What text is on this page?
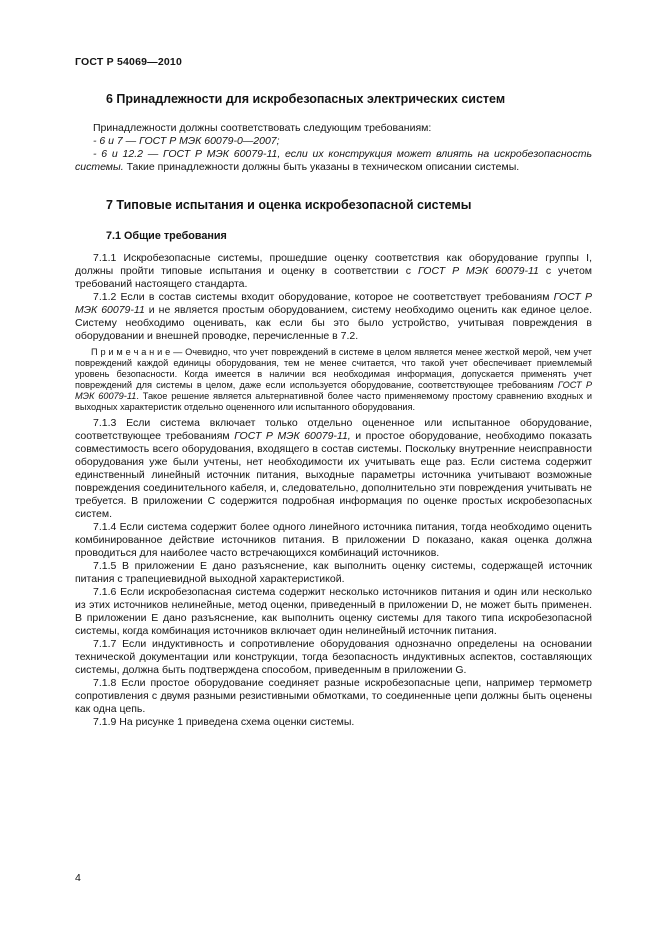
ГОСТ Р 54069—2010
6 Принадлежности для искробезопасных электрических систем

Принадлежности должны соответствовать следующим требованиям:

- 6 и 7 — ГОСТ Р МЭК 60079-0—2007;

- 6 и 12.2 — ГОСТ Р МЭК 60079-11, если их конструкция может влиять на искробезопасность системы. Такие принадлежности должны быть указаны в техническом описании системы.

7 Типовые испытания и оценка искробезопасной системы
7.1 Общие требования

7.1.1 Искробезопасные системы, прошедшие оценку соответствия как оборудование группы I, должны пройти типовые испытания и оценку в соответствии с ГОСТ Р МЭК 60079-11 с учетом требований настоящего стандарта.

7.1.2 Если в состав системы входит оборудование, которое не соответствует требованиям ГОСТ Р МЭК 60079-11 и не является простым оборудованием, систему необходимо оценить как единое целое. Систему необходимо оценивать, как если бы это было устройство, учитывая повреждения в оборудовании и внешней проводке, перечисленные в 7.2.

П р и м е ч а н и е — Очевидно, что учет повреждений в системе в целом является менее жесткой мерой, чем учет повреждений каждой единицы оборудования, тем не менее считается, что такой учет обеспечивает приемлемый уровень безопасности. Когда имеется в наличии вся необходимая информация, допускается применять учет повреждений для системы в целом, даже если используется оборудование, соответствующее требованиям ГОСТ Р МЭК 60079-11. Такое решение является альтернативной более часто применяемому простому сравнению входных и выходных характеристик отдельно оцененного или испытанного оборудования.

7.1.3 Если система включает только отдельно оцененное или испытанное оборудование, соответствующее требованиям ГОСТ Р МЭК 60079-11, и простое оборудование, необходимо показать совместимость всего оборудования, входящего в состав системы. Поскольку внутренние неисправности оборудования уже были учтены, нет необходимости их учитывать еще раз. Если система содержит единственный линейный источник питания, выходные параметры источника учитывают возможные повреждения соединительного кабеля, и, следовательно, дополнительно эти повреждения учитывать не требуется. В приложении C содержится подробная информация по оценке простых искробезопасных систем.

7.1.4 Если система содержит более одного линейного источника питания, тогда необходимо оценить комбинированное действие источников питания. В приложении D показано, какая оценка должна проводиться для наиболее часто встречающихся комбинаций источников.

7.1.5 В приложении E дано разъяснение, как выполнить оценку системы, содержащей источник питания с трапециевидной выходной характеристикой.

7.1.6 Если искробезопасная система содержит несколько источников питания и один или несколько из этих источников нелинейные, метод оценки, приведенный в приложении D, не может быть применен. В приложении E дано разъяснение, как выполнить оценку системы для такого типа искробезопасной системы, когда комбинация источников включает один нелинейный источник питания.

7.1.7 Если индуктивность и сопротивление оборудования однозначно определены на основании технической документации или конструкции, тогда безопасность индуктивных аспектов, составляющих системы, должна быть подтверждена способом, приведенным в приложении G.

7.1.8 Если простое оборудование соединяет разные искробезопасные цепи, например термометр сопротивления с двумя разными резистивными обмотками, то соединенные цепи должны быть оценены как одна цепь.

7.1.9 На рисунке 1 приведена схема оценки системы.

4
